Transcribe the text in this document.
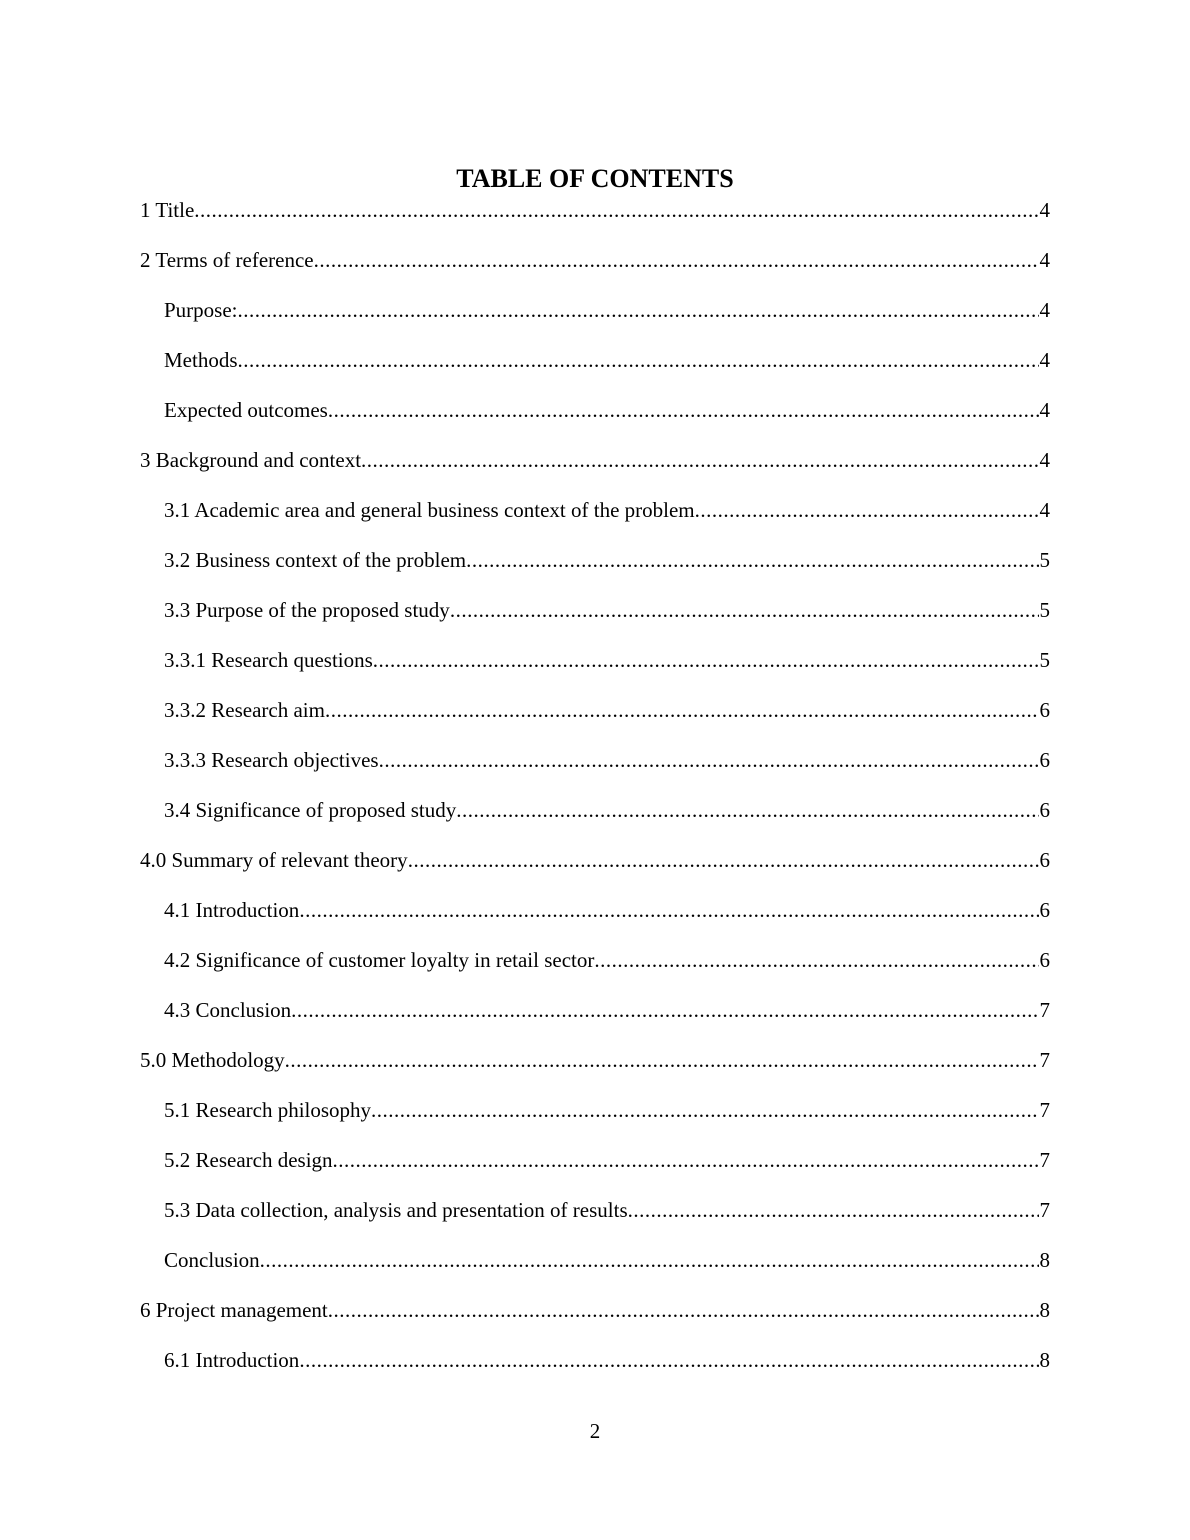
TABLE OF CONTENTS
1 Title .....	4
2 Terms of reference .....	4
Purpose: .....	4
Methods .....	4
Expected outcomes .....	4
3 Background and context .....	4
3.1 Academic area and general business context of the problem .....	4
3.2 Business context of the problem .....	5
3.3 Purpose of the proposed study .....	5
3.3.1 Research questions .....	5
3.3.2 Research aim .....	6
3.3.3 Research objectives .....	6
3.4 Significance of proposed study .....	6
4.0 Summary of relevant theory .....	6
4.1 Introduction .....	6
4.2 Significance of customer loyalty in retail sector .....	6
4.3 Conclusion .....	7
5.0 Methodology .....	7
5.1 Research philosophy .....	7
5.2 Research design .....	7
5.3 Data collection, analysis and presentation of results .....	7
Conclusion .....	8
6 Project management .....	8
6.1 Introduction .....	8
2
